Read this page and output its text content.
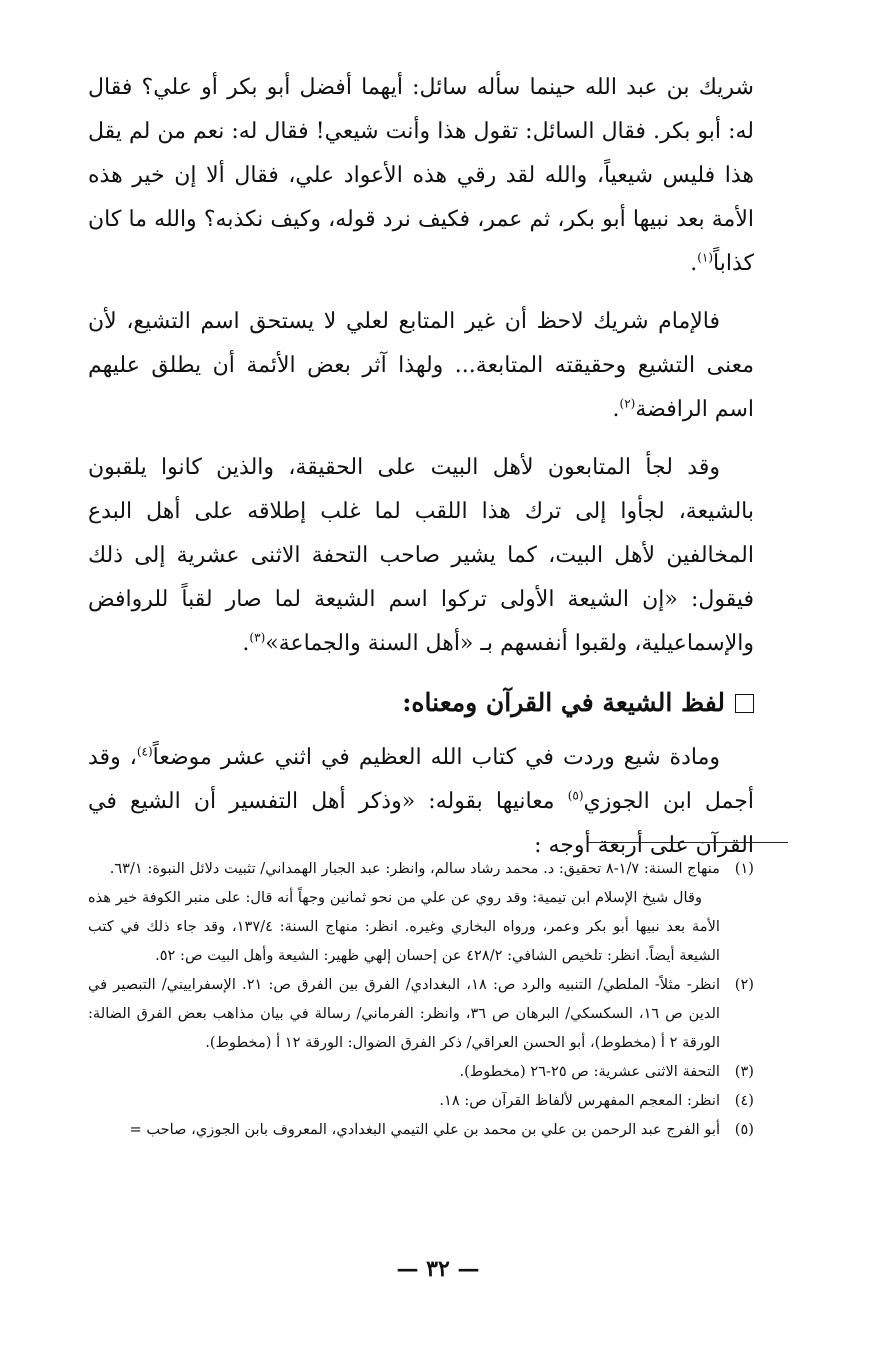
شريك بن عبد الله حينما سأله سائل: أيهما أفضل أبو بكر أو علي؟ فقال له: أبو بكر. فقال السائل: تقول هذا وأنت شيعي! فقال له: نعم من لم يقل هذا فليس شيعياً، والله لقد رقي هذه الأعواد علي، فقال ألا إن خير هذه الأمة بعد نبيها أبو بكر، ثم عمر، فكيف نرد قوله، وكيف نكذبه؟ والله ما كان كذاباً$^{(١)}$.

فالإمام شريك لاحظ أن غير المتابع لعلي لا يستحق اسم التشيع، لأن معنى التشيع وحقيقته المتابعة... ولهذا آثر بعض الأئمة أن يطلق عليهم اسم الرافضة$^{(٢)}$.

وقد لجأ المتابعون لأهل البيت على الحقيقة، والذين كانوا يلقبون بالشيعة، لجأوا إلى ترك هذا اللقب لما غلب إطلاقه على أهل البدع المخالفين لأهل البيت، كما يشير صاحب التحفة الاثنى عشرية إلى ذلك فيقول: «إن الشيعة الأولى تركوا اسم الشيعة لما صار لقباً للروافض والإسماعيلية، ولقبوا أنفسهم بـ «أهل السنة والجماعة»$^{(٣)}$.

لفظ الشيعة في القرآن ومعناه:

ومادة شيع وردت في كتاب الله العظيم في اثني عشر موضعاً$^{(٤)}$، وقد أجمل ابن الجوزي$^{(٥)}$ معانيها بقوله: «وذكر أهل التفسير أن الشيع في القرآن على أربعة أوجه :

(١)
منهاج السنة: ١/٧-٨ تحقيق: د. محمد رشاد سالم، وانظر: عبد الجبار الهمداني/ تثبيت دلائل النبوة: ٦٣/١.
وقال شيخ الإسلام ابن تيمية: وقد روي عن علي من نحو ثمانين وجهاً أنه قال: على منبر الكوفة خير هذه الأمة بعد نبيها أبو بكر وعمر، ورواه البخاري وغيره. انظر: منهاج السنة: ١٣٧/٤، وقد جاء ذلك في كتب الشيعة أيضاً. انظر: تلخيص الشافي: ٤٢٨/٢ عن إحسان إلهي ظهير: الشيعة وأهل البيت ص: ٥٢.
(٢)
انظر- مثلاً- الملطي/ التنبيه والرد ص: ١٨، البغدادي/ الفرق بين الفرق ص: ٢١. الإسفراييني/ التبصير في الدين ص ١٦، السكسكي/ البرهان ص ٣٦، وانظر: الفرماني/ رسالة في بيان مذاهب بعض الفرق الضالة: الورقة ٢ أ (مخطوط)، أبو الحسن العراقي/ ذكر الفرق الضوال: الورقة ١٢ أ (مخطوط).
(٣)
التحفة الاثنى عشرية: ص ٢٥-٢٦ (مخطوط).
(٤)
انظر: المعجم المفهرس لألفاظ القرآن ص: ١٨.
(٥)
أبو الفرج عبد الرحمن بن علي بن محمد بن علي التيمي البغدادي، المعروف بابن الجوزي، صاحب =
— ٣٢ —
